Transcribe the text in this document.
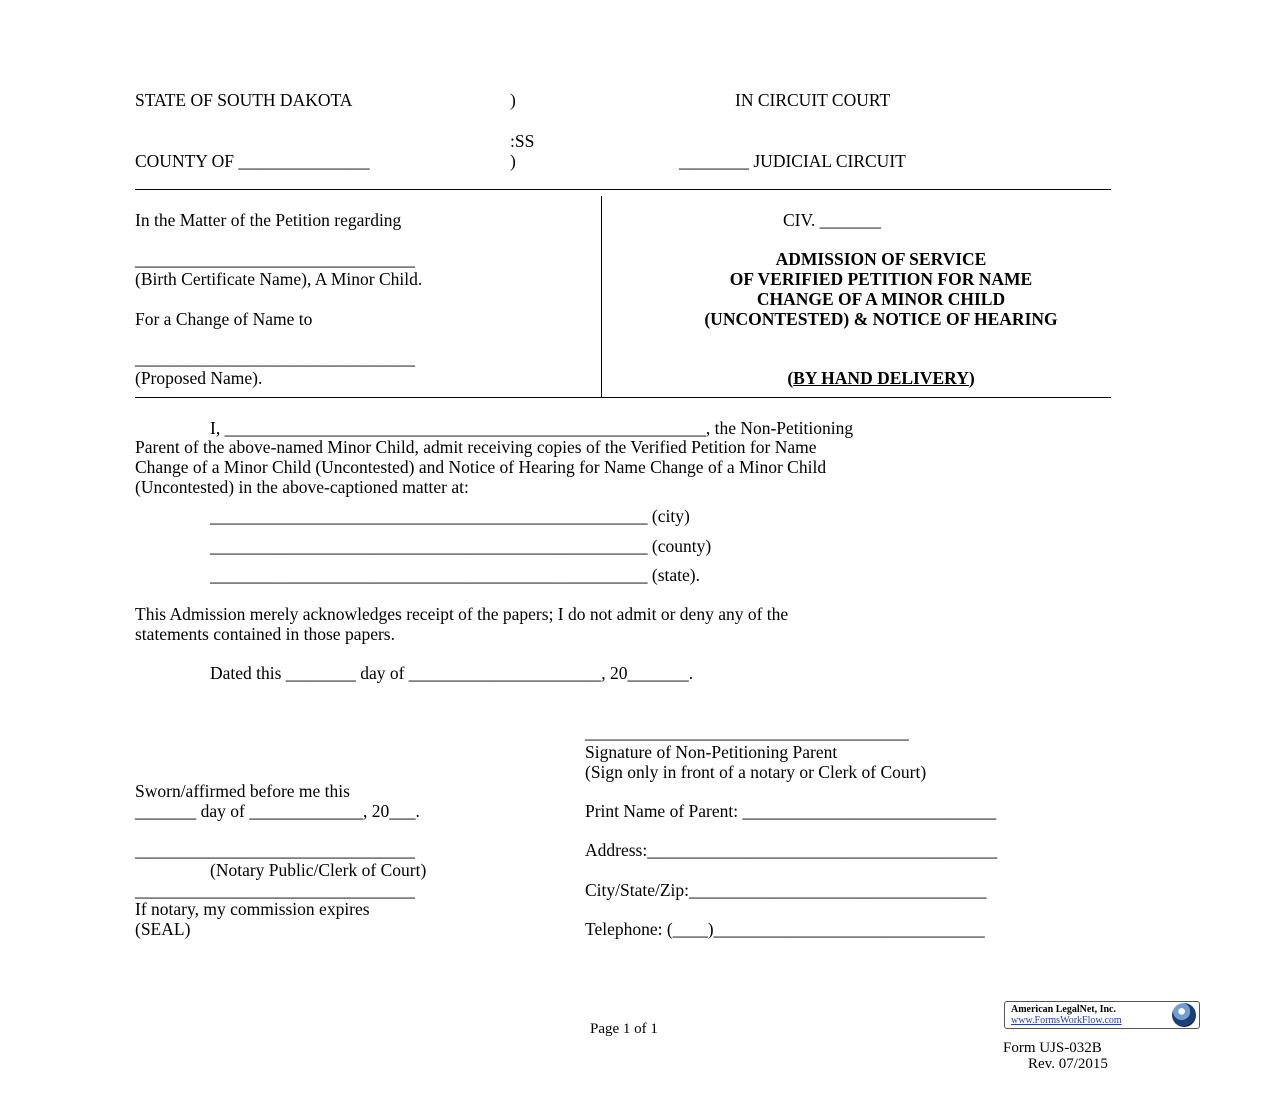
STATE OF SOUTH DAKOTA	)
:SS
COUNTY OF _______________	)
IN CIRCUIT COURT
________ JUDICIAL CIRCUIT
In the Matter of the Petition regarding
________________________________
(Birth Certificate Name), A Minor Child.
For a Change of Name to
________________________________
(Proposed Name).
CIV. _______
ADMISSION OF SERVICE
OF VERIFIED PETITION FOR NAME
CHANGE OF A MINOR CHILD
(UNCONTESTED) & NOTICE OF HEARING
(BY HAND DELIVERY)
I, _______________________________________________________, the Non-Petitioning
Parent of the above-named Minor Child, admit receiving copies of the Verified Petition for Name
Change of a Minor Child (Uncontested) and Notice of Hearing for Name Change of a Minor Child
(Uncontested) in the above-captioned matter at:
__________________________________________________ (city)
__________________________________________________ (county)
__________________________________________________ (state).
This Admission merely acknowledges receipt of the papers; I do not admit or deny any of the
statements contained in those papers.
Dated this ________ day of ______________________, 20_______.
_____________________________________
Signature of Non-Petitioning Parent
(Sign only in front of a notary or Clerk of Court)
Print Name of Parent: _____________________________
Address:________________________________________
City/State/Zip:__________________________________
Telephone: (____)_______________________________
Sworn/affirmed before me this
_______ day of _____________, 20___.
________________________________
(Notary Public/Clerk of Court)
________________________________
If notary, my commission expires
(SEAL)
Page 1 of 1
American LegalNet, Inc.
www.FormsWorkFlow.com
Form UJS-032B
Rev. 07/2015
